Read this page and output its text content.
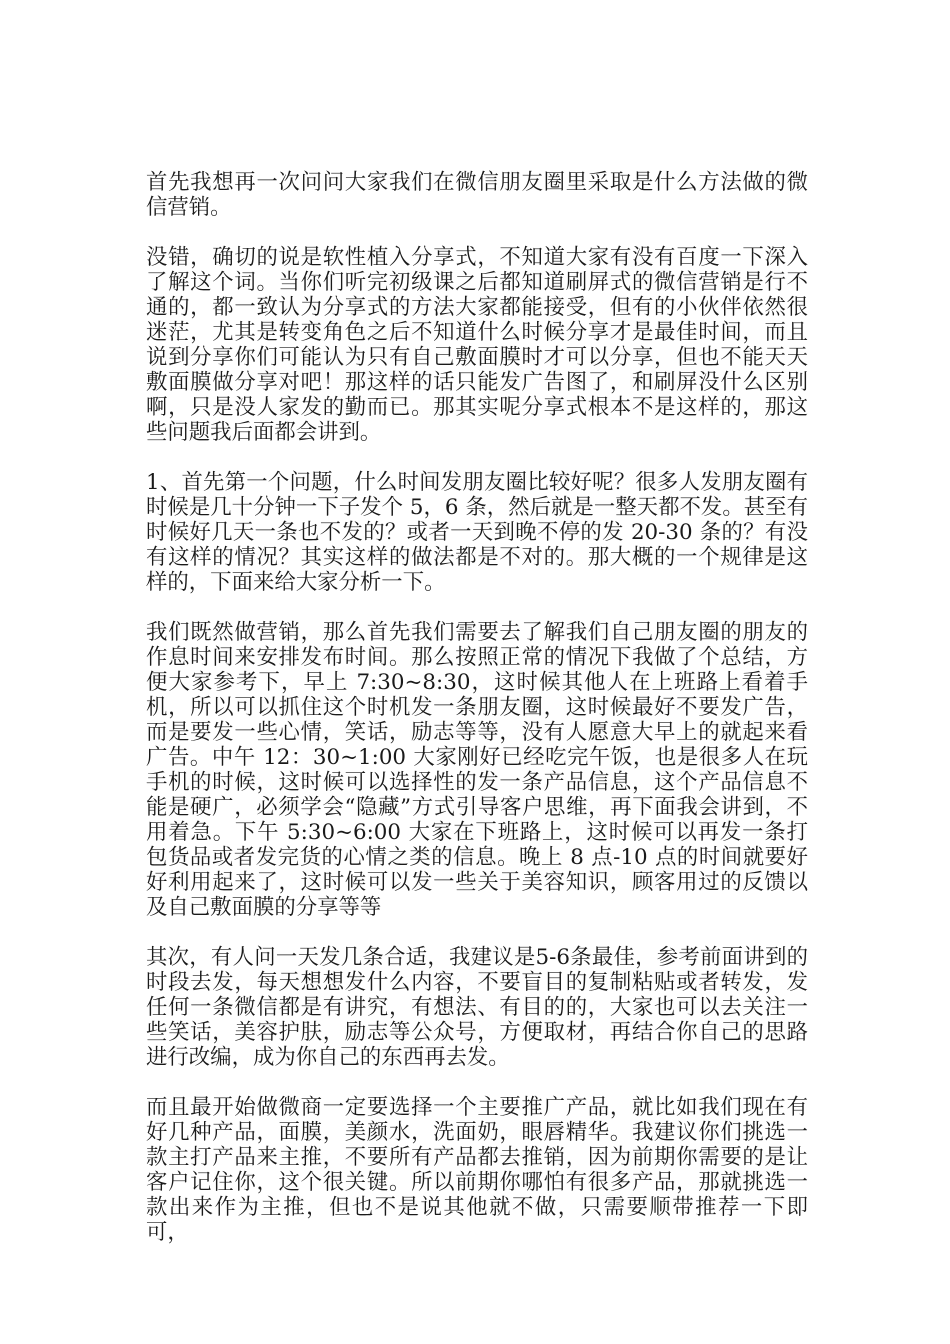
首先我想再一次问问大家我们在微信朋友圈里采取是什么方法做的微信营销。

没错，确切的说是软性植入分享式，不知道大家有没有百度一下深入了解这个词。当你们听完初级课之后都知道刷屏式的微信营销是行不通的，都一致认为分享式的方法大家都能接受，但有的小伙伴依然很迷茫，尤其是转变角色之后不知道什么时候分享才是最佳时间，而且说到分享你们可能认为只有自己敷面膜时才可以分享，但也不能天天敷面膜做分享对吧！那这样的话只能发广告图了，和刷屏没什么区别啊，只是没人家发的勤而已。那其实呢分享式根本不是这样的，那这些问题我后面都会讲到。

1、首先第一个问题，什么时间发朋友圈比较好呢？很多人发朋友圈有时候是几十分钟一下子发个 5，6 条，然后就是一整天都不发。甚至有时候好几天一条也不发的？或者一天到晚不停的发 20-30 条的？有没有这样的情况？其实这样的做法都是不对的。那大概的一个规律是这样的，下面来给大家分析一下。

我们既然做营销，那么首先我们需要去了解我们自己朋友圈的朋友的作息时间来安排发布时间。那么按照正常的情况下我做了个总结，方便大家参考下，早上 7:30~8:30，这时候其他人在上班路上看着手机，所以可以抓住这个时机发一条朋友圈，这时候最好不要发广告，而是要发一些心情，笑话，励志等等，没有人愿意大早上的就起来看广告。中午 12：30~1:00 大家刚好已经吃完午饭，也是很多人在玩手机的时候，这时候可以选择性的发一条产品信息，这个产品信息不能是硬广，必须学会“隐藏”方式引导客户思维，再下面我会讲到，不用着急。下午 5:30~6:00 大家在下班路上，这时候可以再发一条打包货品或者发完货的心情之类的信息。晚上 8 点-10 点的时间就要好好利用起来了，这时候可以发一些关于美容知识，顾客用过的反馈以及自己敷面膜的分享等等

其次，有人问一天发几条合适，我建议是5-6条最佳，参考前面讲到的时段去发，每天想想发什么内容，不要盲目的复制粘贴或者转发，发任何一条微信都是有讲究，有想法、有目的的，大家也可以去关注一些笑话，美容护肤，励志等公众号，方便取材，再结合你自己的思路进行改编，成为你自己的东西再去发。

而且最开始做微商一定要选择一个主要推广产品，就比如我们现在有好几种产品，面膜，美颜水，洗面奶，眼唇精华。我建议你们挑选一款主打产品来主推，不要所有产品都去推销，因为前期你需要的是让客户记住你，这个很关键。所以前期你哪怕有很多产品，那就挑选一款出来作为主推，但也不是说其他就不做，只需要顺带推荐一下即可，
